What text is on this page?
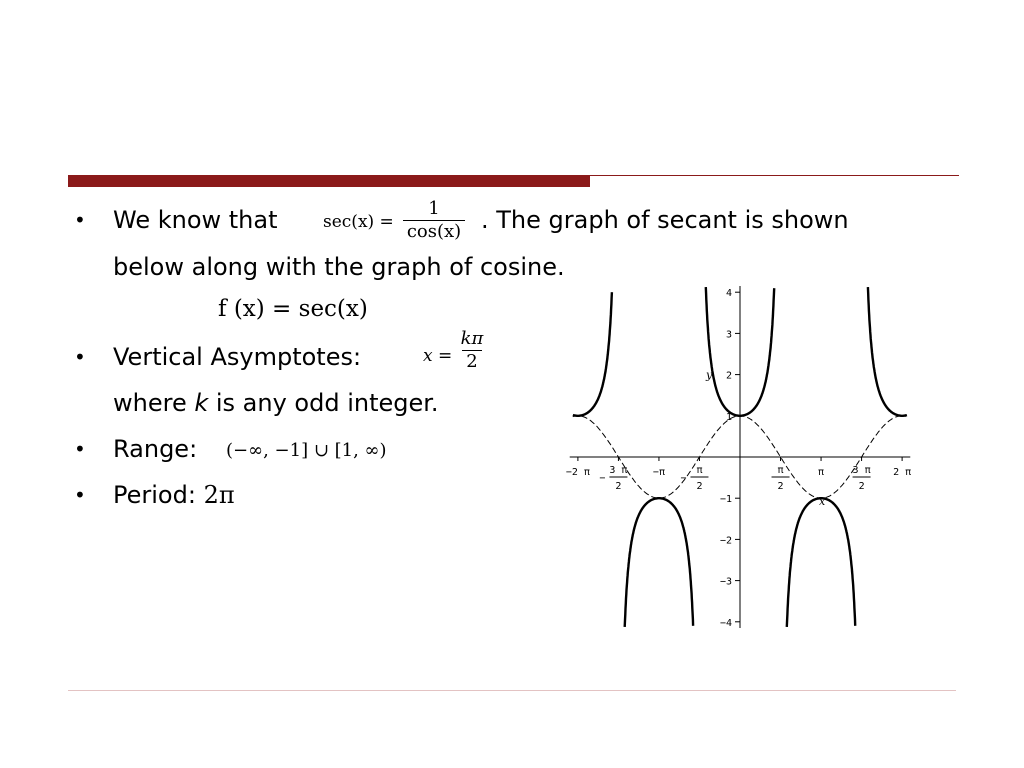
• We know that	$\sec(x) = \frac{1}{\cos(x)}$ . The graph of secant is shown
below along with the graph of cosine.
f (x) = sec(x)
• Vertical Asymptotes:	$x = \frac{k\pi}{2}$
where k is any odd integer.
• Range: (−∞, −1] ∪ [1, ∞)
• Period: 2π
−4
−3
−2
−1
1
2
3
4
−2 π
−
3 π
2
−π
−
π
2
π
2
π	3 π
2
2 π
y
x
